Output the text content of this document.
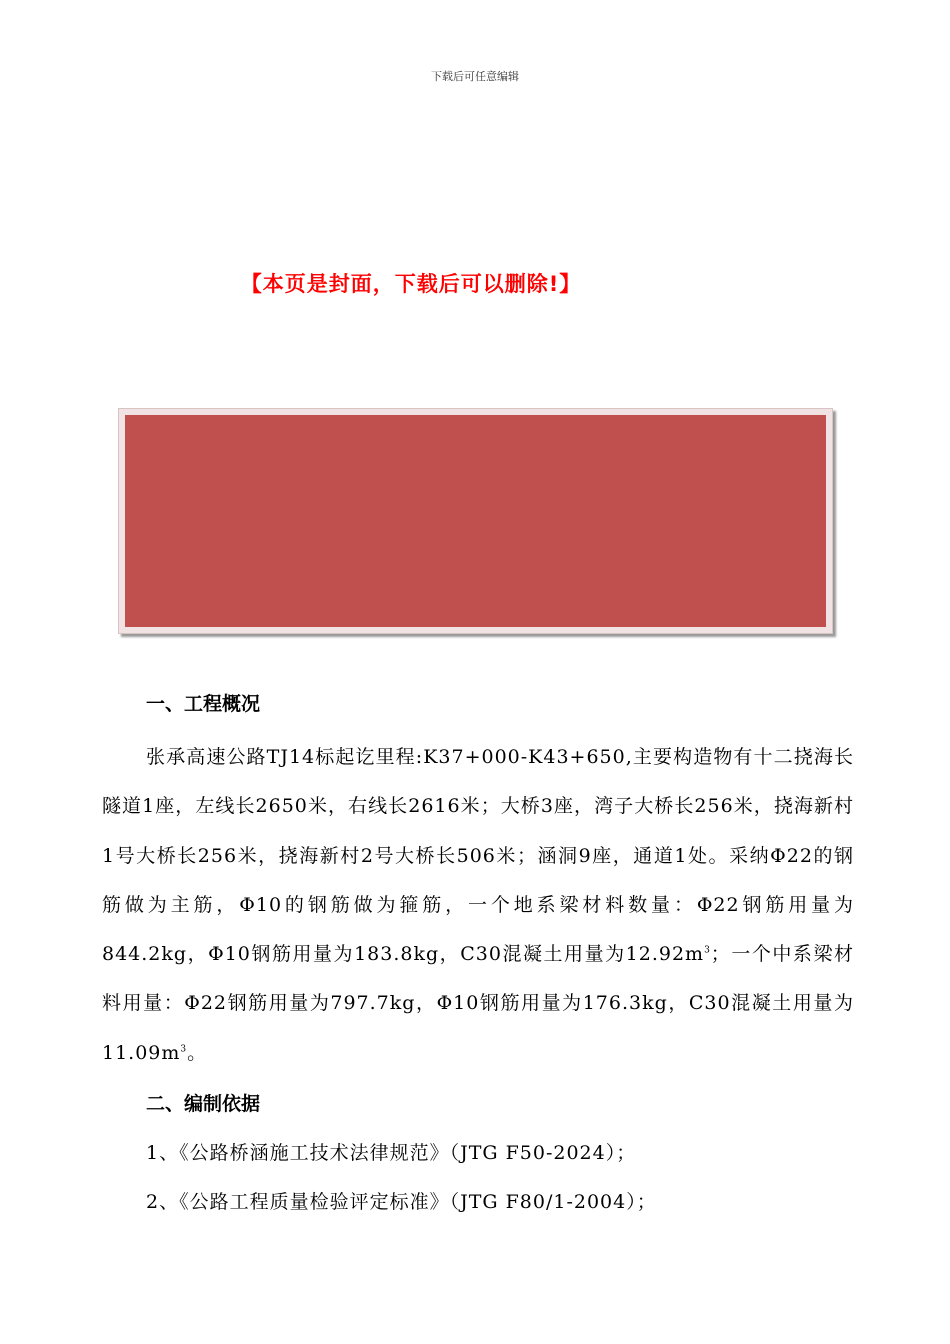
下载后可任意编辑
【本页是封面，下载后可以删除!】
一、工程概况
张承高速公路TJ14标起讫里程:K37+000-K43+650,主要构造物有十二挠海长隧道1座，左线长2650米，右线长2616米；大桥3座，湾子大桥长256米，挠海新村1号大桥长256米，挠海新村2号大桥长506米；涵洞9座，通道1处。采纳Φ22的钢筋做为主筋，Φ10的钢筋做为箍筋，一个地系梁材料数量：Φ22钢筋用量为844.2kg，Φ10钢筋用量为183.8kg，C30混凝土用量为$12.92m^3$；一个中系梁材料用量：Φ22钢筋用量为797.7kg，Φ10钢筋用量为176.3kg，C30混凝土用量为$11.09m^3$。
二、编制依据
1、《公路桥涵施工技术法律规范》（JTG F50-2024）；
2、《公路工程质量检验评定标准》（JTG F80/1-2004）；
